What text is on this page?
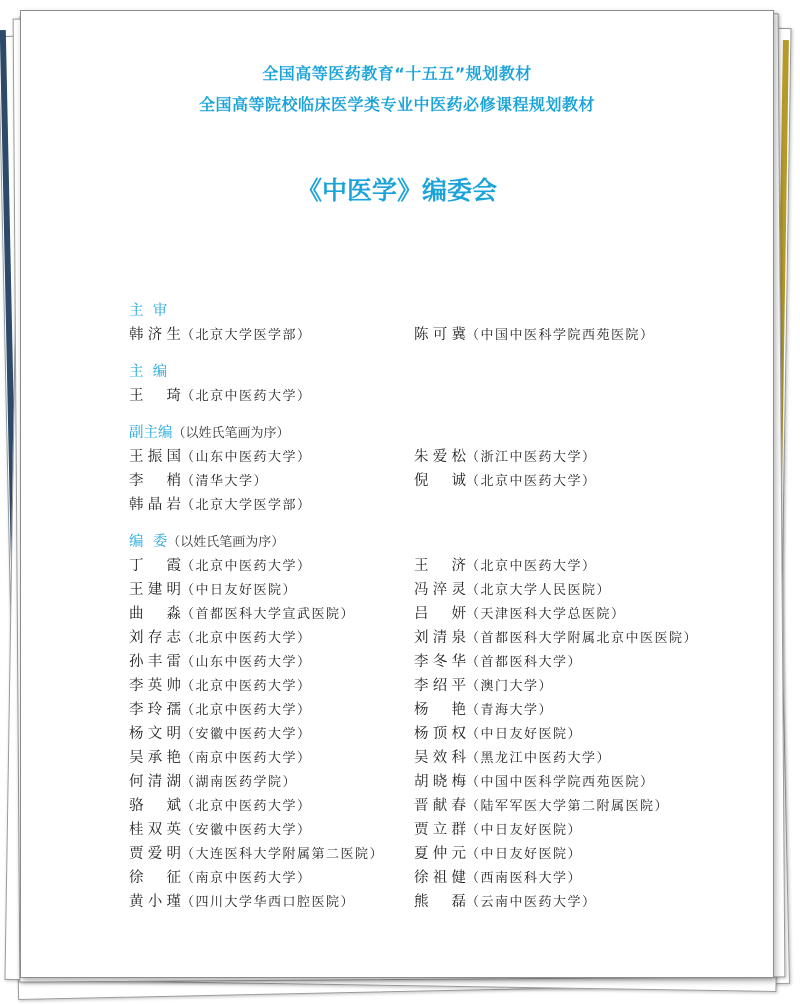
全国高等医药教育“十五五”规划教材
全国高等院校临床医学类专业中医药必修课程规划教材
《中医学》编委会
主  审
韩济生（北京大学医学部）	陈可冀（中国中医科学院西苑医院）
主  编
王琦（北京中医药大学）
副主编（以姓氏笔画为序）
王振国（山东中医药大学）	朱爱松（浙江中医药大学）
李梢（清华大学）	倪诚（北京中医药大学）
韩晶岩（北京大学医学部）
编  委（以姓氏笔画为序）
丁霞（北京中医药大学）	王济（北京中医药大学）
王建明（中日友好医院）	冯淬灵（北京大学人民医院）
曲淼（首都医科大学宣武医院）	吕妍（天津医科大学总医院）
刘存志（北京中医药大学）	刘清泉（首都医科大学附属北京中医医院）
孙丰雷（山东中医药大学）	李冬华（首都医科大学）
李英帅（北京中医药大学）	李绍平（澳门大学）
李玲孺（北京中医药大学）	杨艳（青海大学）
杨文明（安徽中医药大学）	杨顶权（中日友好医院）
吴承艳（南京中医药大学）	吴效科（黑龙江中医药大学）
何清湖（湖南医药学院）	胡晓梅（中国中医科学院西苑医院）
骆斌（北京中医药大学）	晋献春（陆军军医大学第二附属医院）
桂双英（安徽中医药大学）	贾立群（中日友好医院）
贾爱明（大连医科大学附属第二医院）	夏仲元（中日友好医院）
徐征（南京中医药大学）	徐祖健（西南医科大学）
黄小瑾（四川大学华西口腔医院）	熊磊（云南中医药大学）
